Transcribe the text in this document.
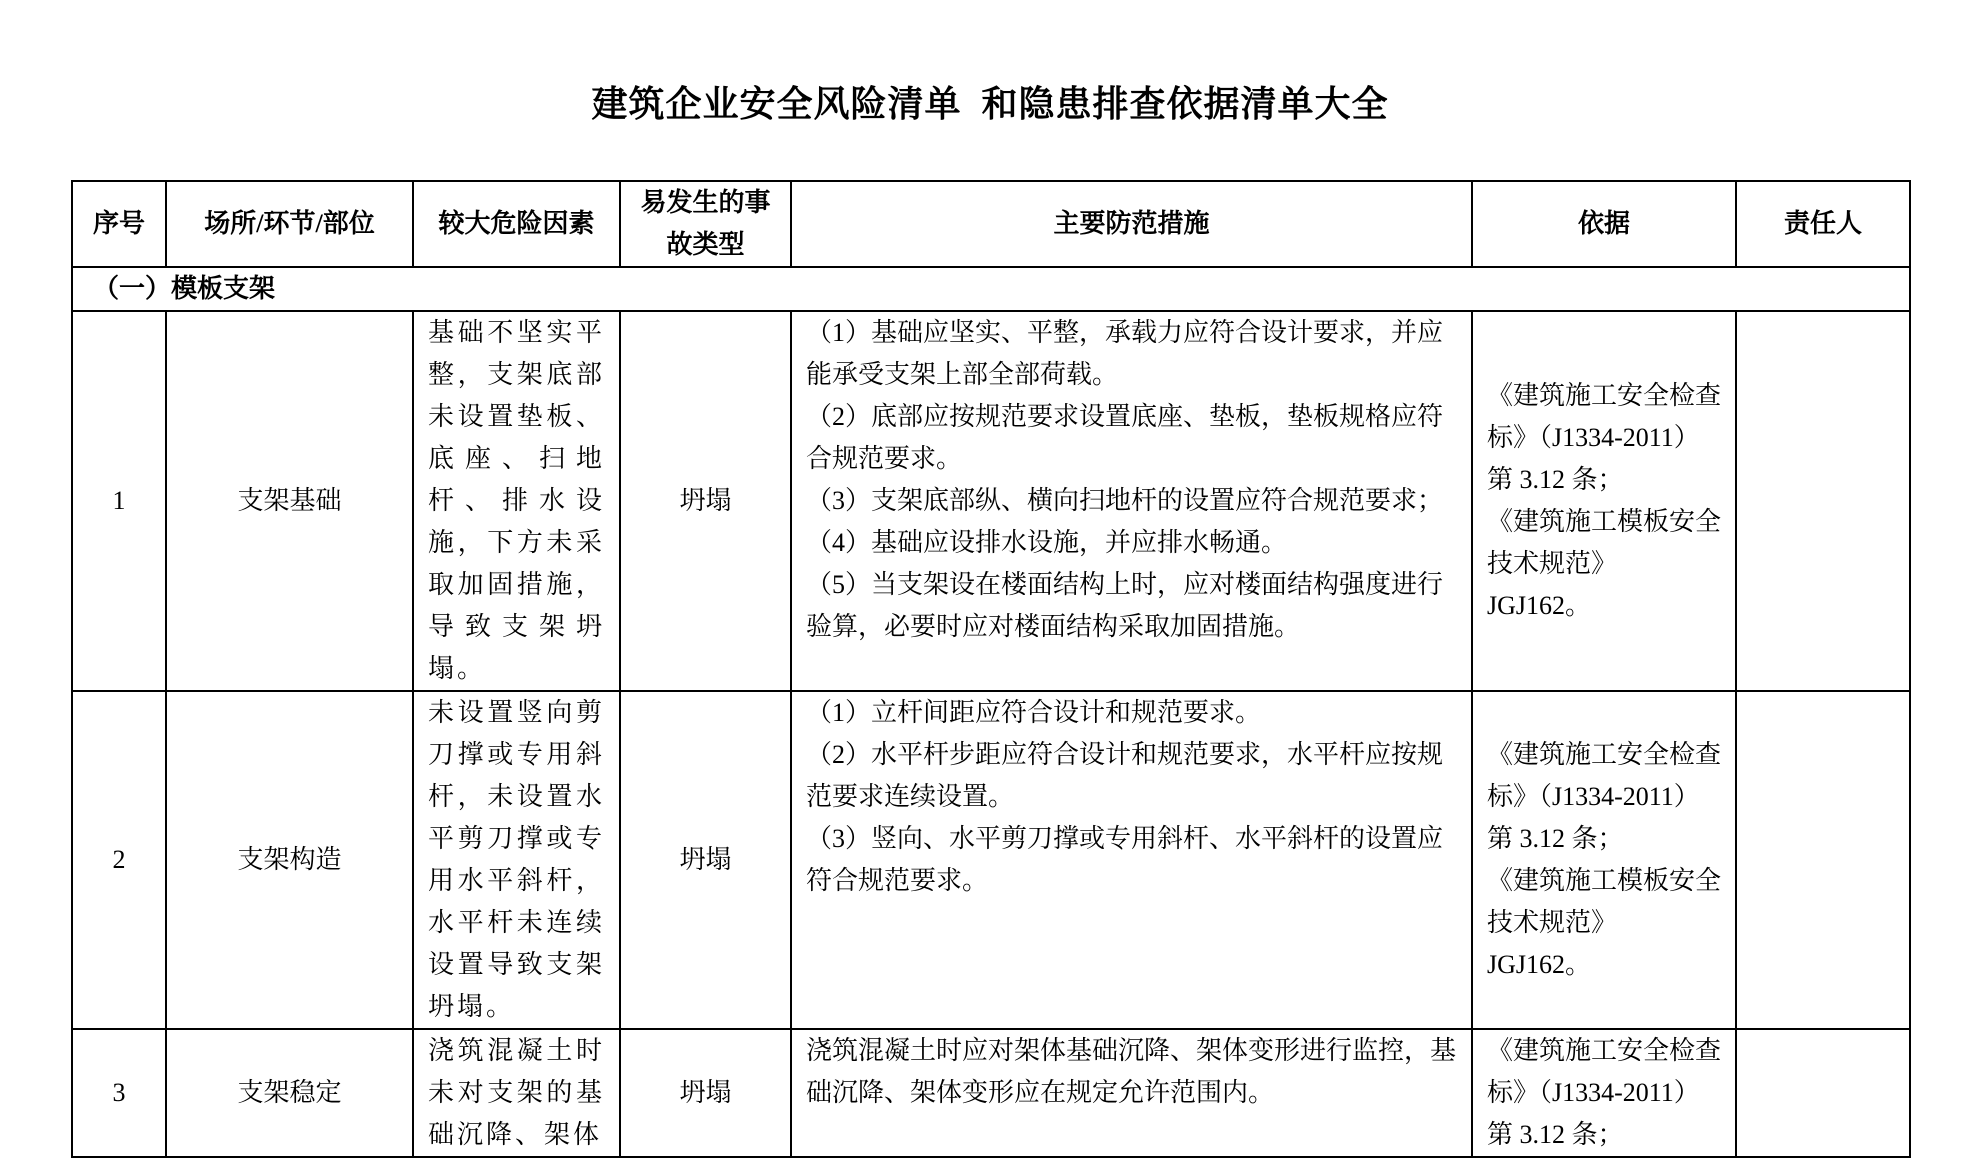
建筑企业安全风险清单  和隐患排查依据清单大全
序号	场所/环节/部位	较大危险因素	易发生的事故类型	主要防范措施	依据	责任人
（一）模板支架						
1	支架基础	基础不坚实平整，支架底部未设置垫板、底座、扫地杆、排水设施，下方未采取加固措施，导致支架坍塌。	坍塌	（1）基础应坚实、平整，承载力应符合设计要求，并应能承受支架上部全部荷载。
（2）底部应按规范要求设置底座、垫板，垫板规格应符合规范要求。
（3）支架底部纵、横向扫地杆的设置应符合规范要求；
（4）基础应设排水设施，并应排水畅通。
（5）当支架设在楼面结构上时，应对楼面结构强度进行验算，必要时应对楼面结构采取加固措施。	《建筑施工安全检查标》（J1334-2011）
第 3.12 条；
《建筑施工模板安全技术规范》
JGJ162。	

2	支架构造	未设置竖向剪刀撑或专用斜杆，未设置水平剪刀撑或专用水平斜杆，水平杆未连续设置导致支架坍塌。	坍塌	（1）立杆间距应符合设计和规范要求。
（2）水平杆步距应符合设计和规范要求，水平杆应按规范要求连续设置。
（3）竖向、水平剪刀撑或专用斜杆、水平斜杆的设置应符合规范要求。	《建筑施工安全检查标》（J1334-2011）
第 3.12 条；
《建筑施工模板安全技术规范》
JGJ162。	

3	支架稳定	浇筑混凝土时未对支架的基础沉降、架体	坍塌	浇筑混凝土时应对架体基础沉降、架体变形进行监控，基础沉降、架体变形应在规定允许范围内。	《建筑施工安全检查标》（J1334-2011）
第 3.12 条；	
